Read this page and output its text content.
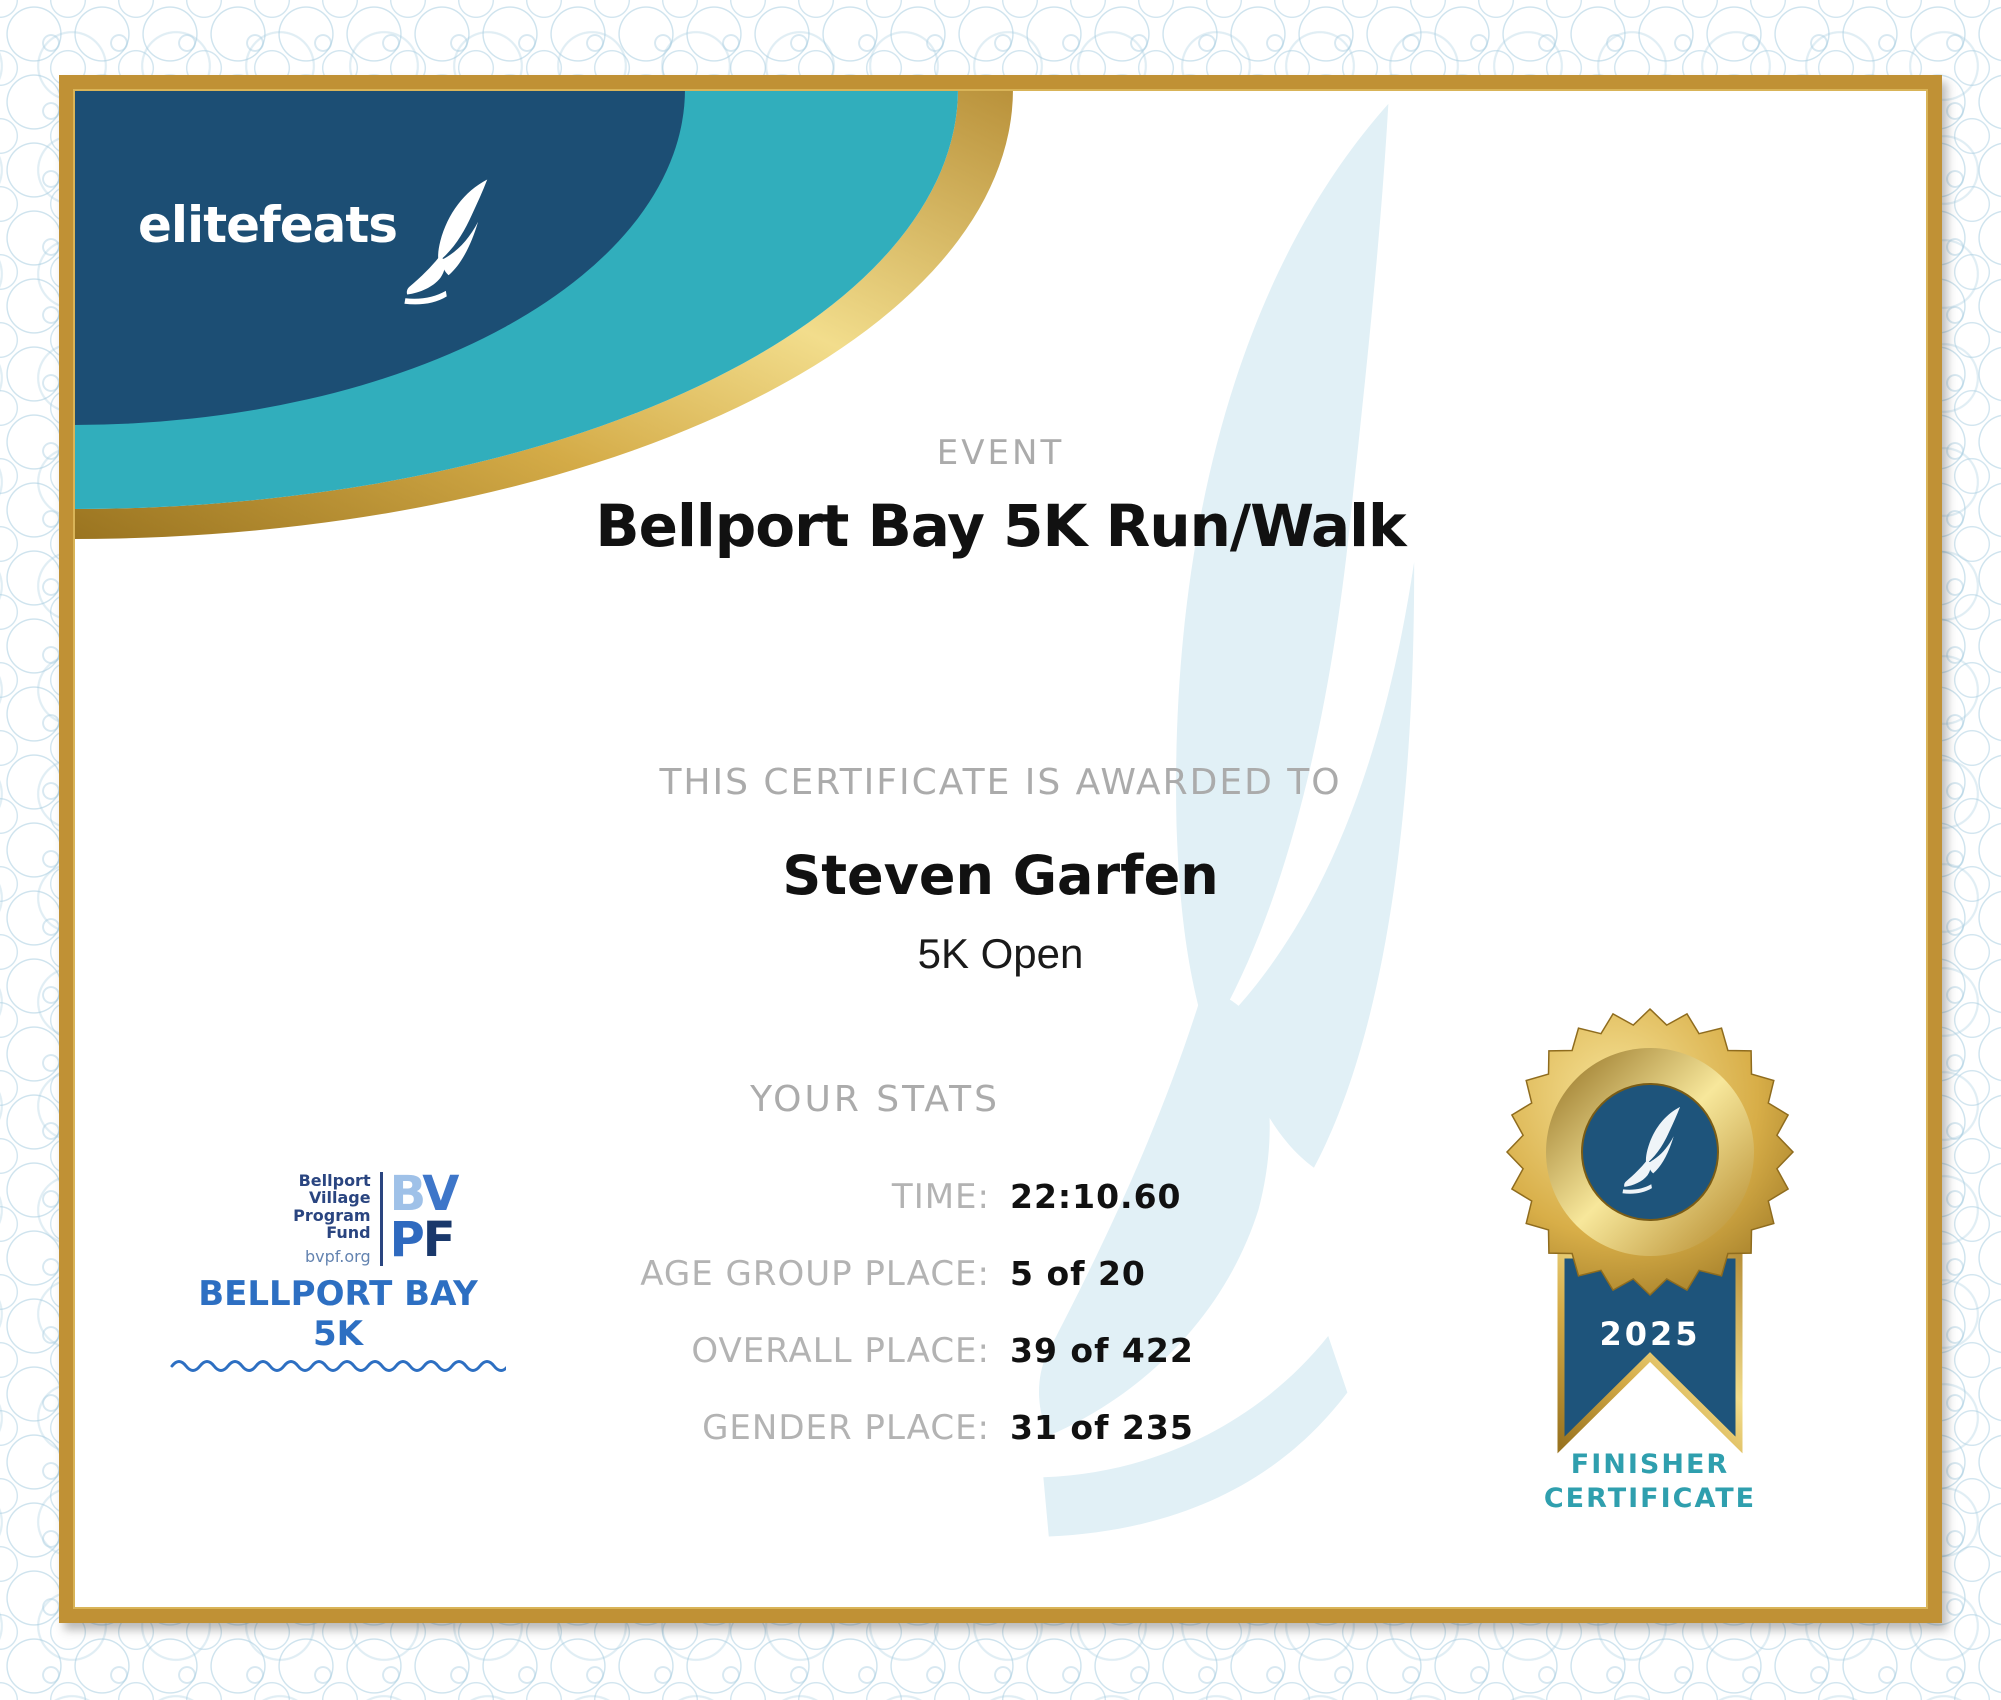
elitefeats
EVENT
Bellport Bay 5K Run/Walk
THIS CERTIFICATE IS AWARDED TO
Steven Garfen
5K Open
YOUR STATS
TIME: 22:10.60
AGE GROUP PLACE: 5 of 20
OVERALL PLACE: 39 of 422
GENDER PLACE: 31 of 235
Bellport
Village
Program
Fund
bvpf.org
BV
PF
BELLPORT BAY 5K	2025
FINISHER
CERTIFICATE
